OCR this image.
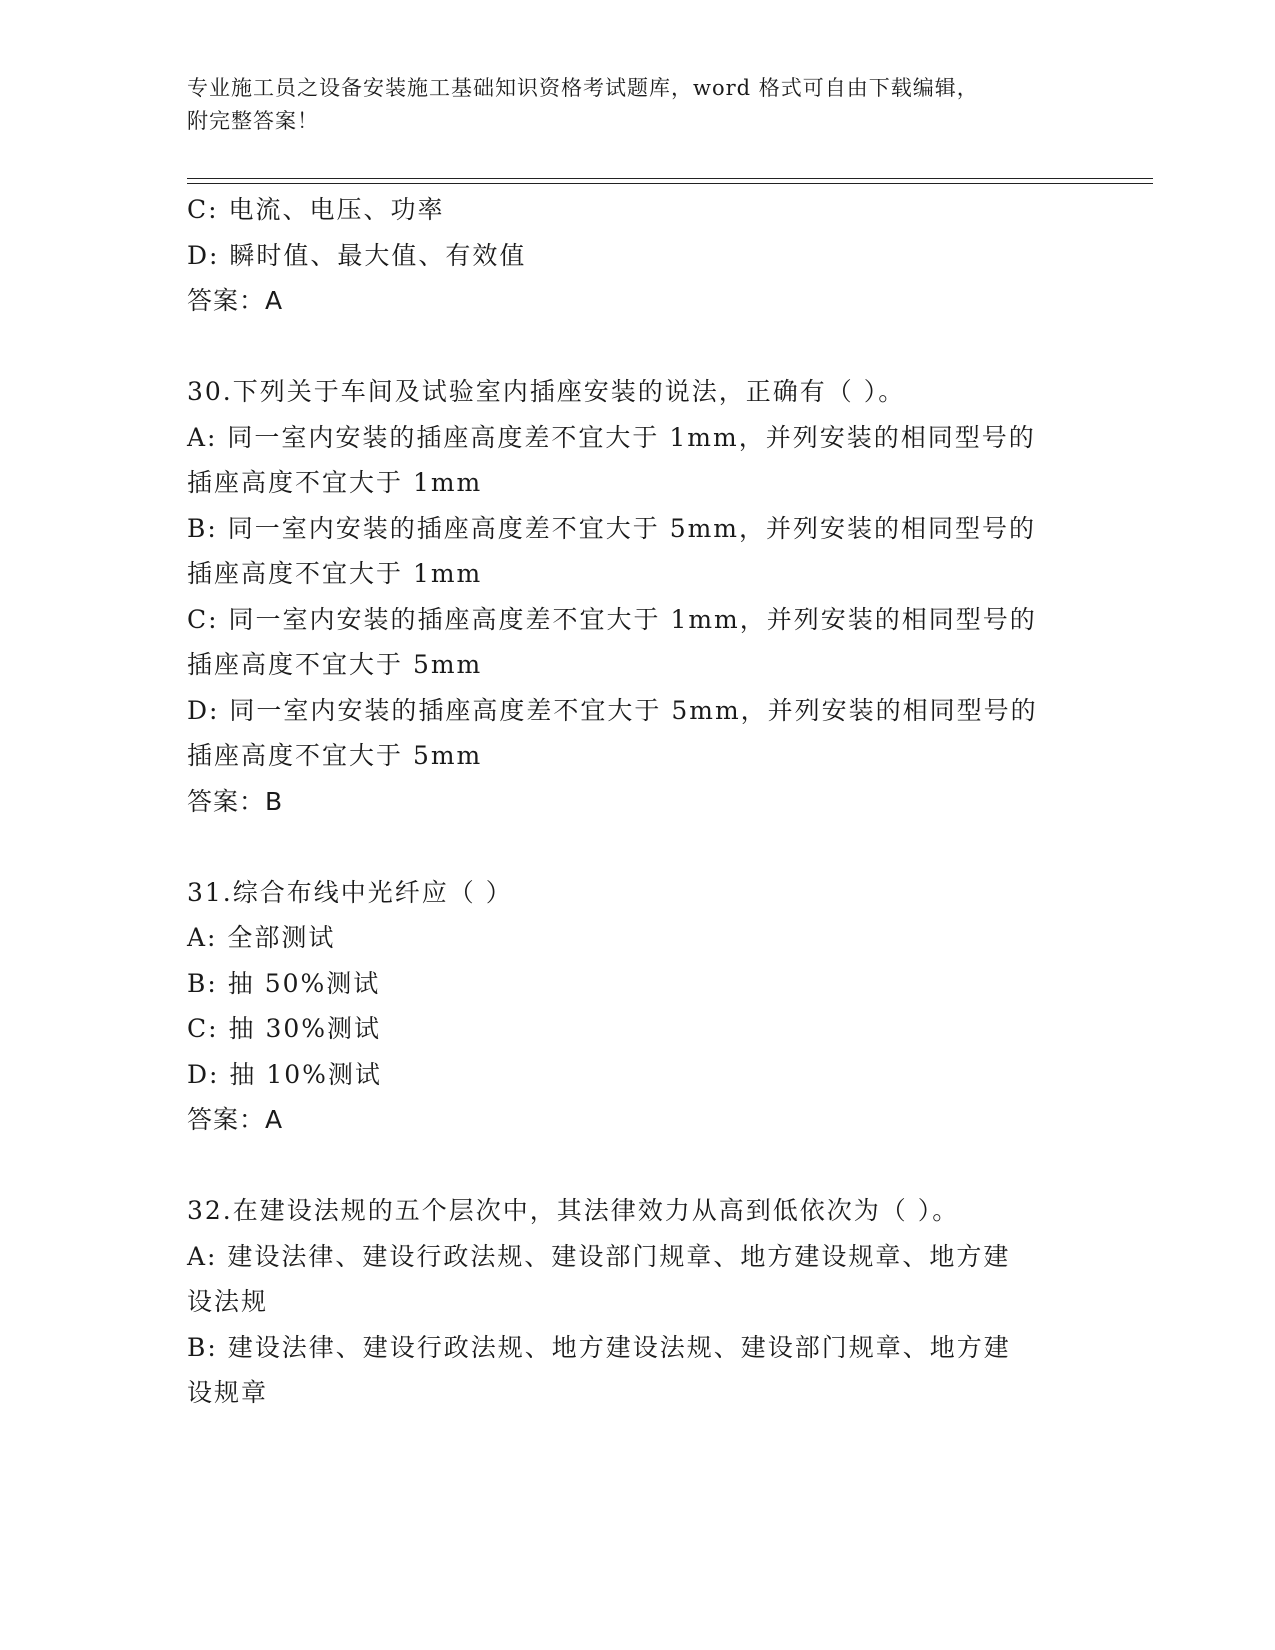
专业施工员之设备安装施工基础知识资格考试题库，word 格式可自由下载编辑，
附完整答案！
C: 电流、电压、功率
D: 瞬时值、最大值、有效值
答案：A
30.下列关于车间及试验室内插座安装的说法，正确有（ ）。
A: 同一室内安装的插座高度差不宜大于 1mm，并列安装的相同型号的
插座高度不宜大于 1mm
B: 同一室内安装的插座高度差不宜大于 5mm，并列安装的相同型号的
插座高度不宜大于 1mm
C: 同一室内安装的插座高度差不宜大于 1mm，并列安装的相同型号的
插座高度不宜大于 5mm
D: 同一室内安装的插座高度差不宜大于 5mm，并列安装的相同型号的
插座高度不宜大于 5mm
答案：B
31.综合布线中光纤应（ ）
A: 全部测试
B: 抽 50%测试
C: 抽 30%测试
D: 抽 10%测试
答案：A
32.在建设法规的五个层次中，其法律效力从高到低依次为（ ）。
A: 建设法律、建设行政法规、建设部门规章、地方建设规章、地方建
设法规
B: 建设法律、建设行政法规、地方建设法规、建设部门规章、地方建
设规章
